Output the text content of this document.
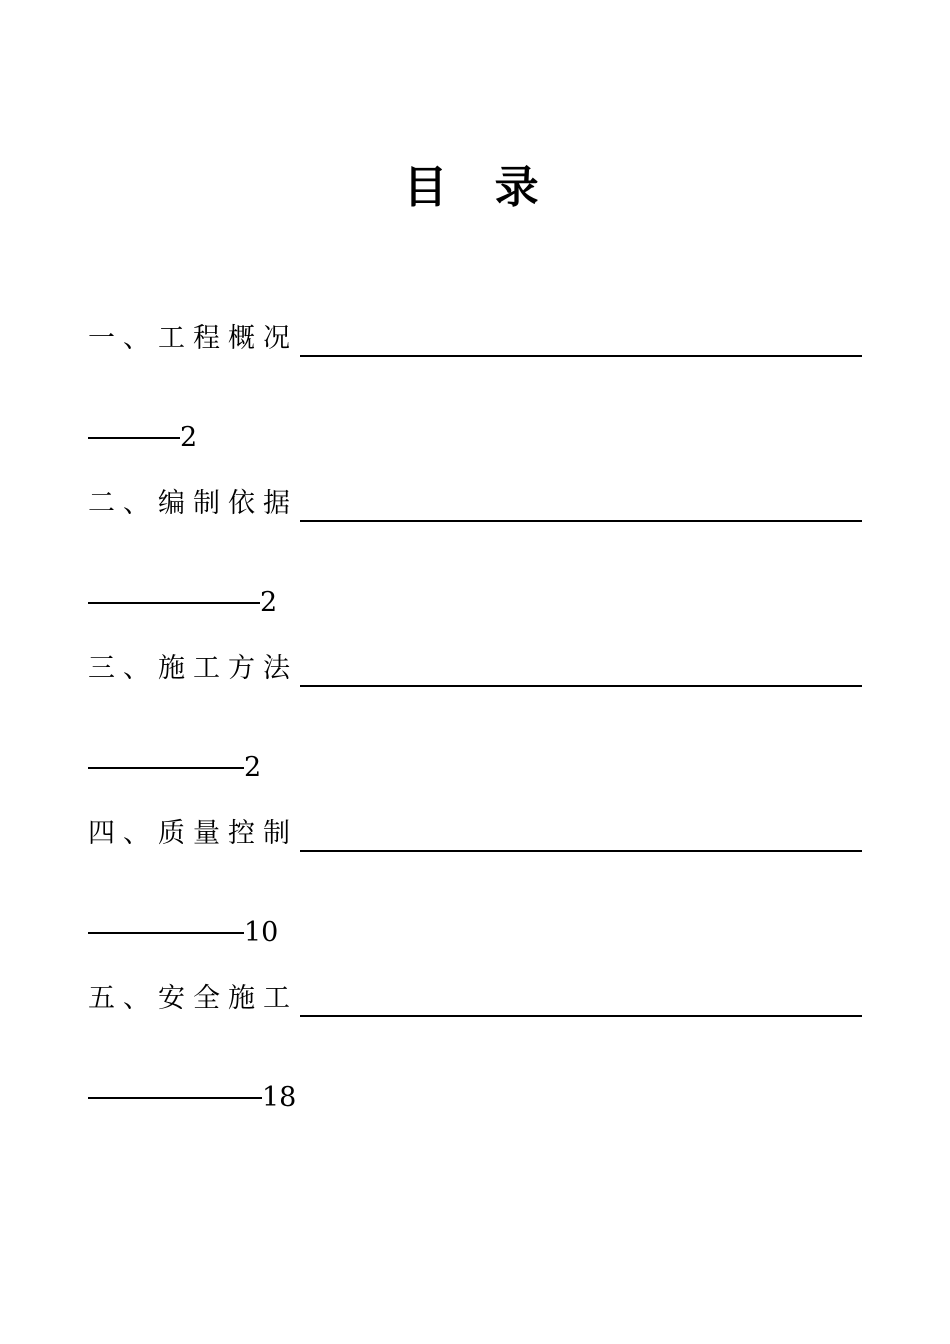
目 录
一、工程概况
2
二、编制依据
2
三、施工方法
2
四、质量控制
10
五、安全施工
18
